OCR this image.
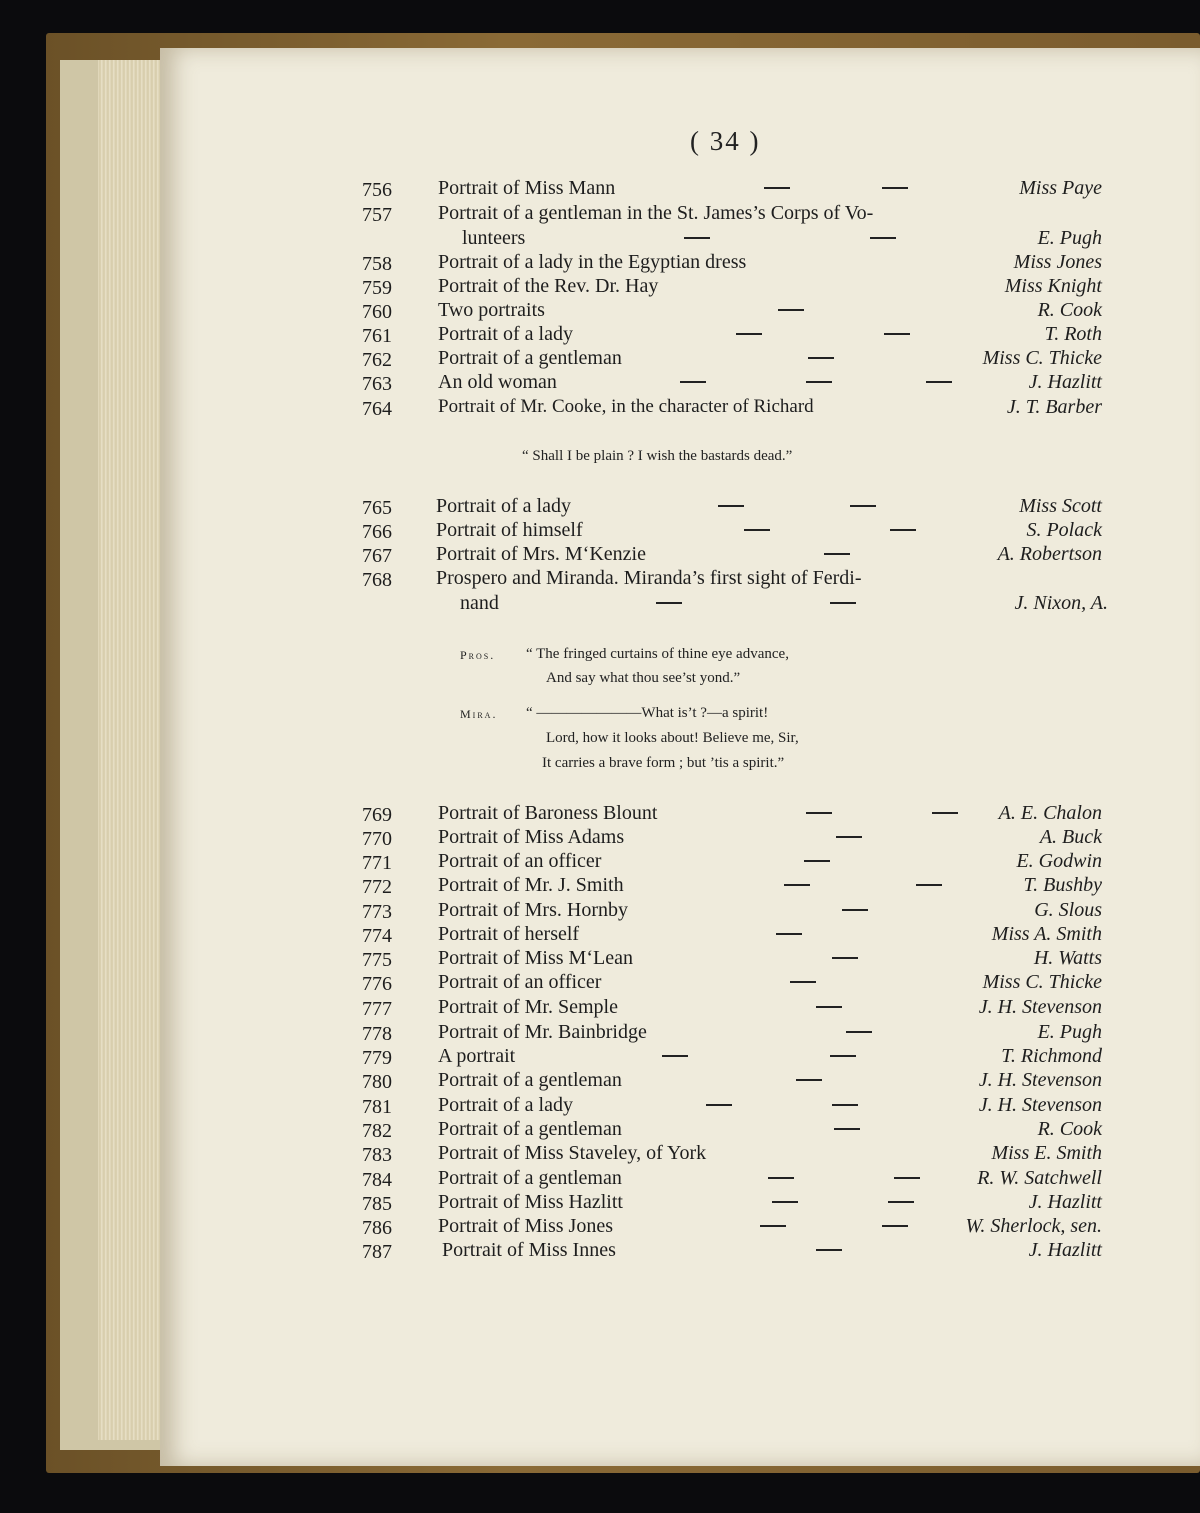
( 34 )
756	Portrait of Miss Mann	Miss Paye
757	Portrait of a gentleman in the St. James’s Corps of Vo-
lunteers	E. Pugh
758	Portrait of a lady in the Egyptian dress	Miss Jones
759	Portrait of the Rev. Dr. Hay	Miss Knight
760	Two portraits	R. Cook
761	Portrait of a lady	T. Roth
762	Portrait of a gentleman	Miss C. Thicke
763	An old woman	J. Hazlitt
764	Portrait of Mr. Cooke, in the character of Richard	J. T. Barber
“ Shall I be plain ? I wish the bastards dead.”
765	Portrait of a lady	Miss Scott
766	Portrait of himself	S. Polack
767	Portrait of Mrs. M‘Kenzie	A. Robertson
768	Prospero and Miranda. Miranda’s first sight of Ferdi-
nand	J. Nixon, A.
Pros. “ The fringed curtains of thine eye advance,
And say what thou see’st yond.”
Mira. “ ———————What is’t ?—a spirit!
Lord, how it looks about! Believe me, Sir,
It carries a brave form ; but ’tis a spirit.”
769	Portrait of Baroness Blount	A. E. Chalon
770	Portrait of Miss Adams	A. Buck
771	Portrait of an officer	E. Godwin
772	Portrait of Mr. J. Smith	T. Bushby
773	Portrait of Mrs. Hornby	G. Slous
774	Portrait of herself	Miss A. Smith
775	Portrait of Miss M‘Lean	H. Watts
776	Portrait of an officer	Miss C. Thicke
777	Portrait of Mr. Semple	J. H. Stevenson
778	Portrait of Mr. Bainbridge	E. Pugh
779	A portrait	T. Richmond
780	Portrait of a gentleman	J. H. Stevenson
781	Portrait of a lady	J. H. Stevenson
782	Portrait of a gentleman	R. Cook
783	Portrait of Miss Staveley, of York	Miss E. Smith
784	Portrait of a gentleman	R. W. Satchwell
785	Portrait of Miss Hazlitt	J. Hazlitt
786	Portrait of Miss Jones	W. Sherlock, sen.
787	Portrait of Miss Innes	J. Hazlitt
